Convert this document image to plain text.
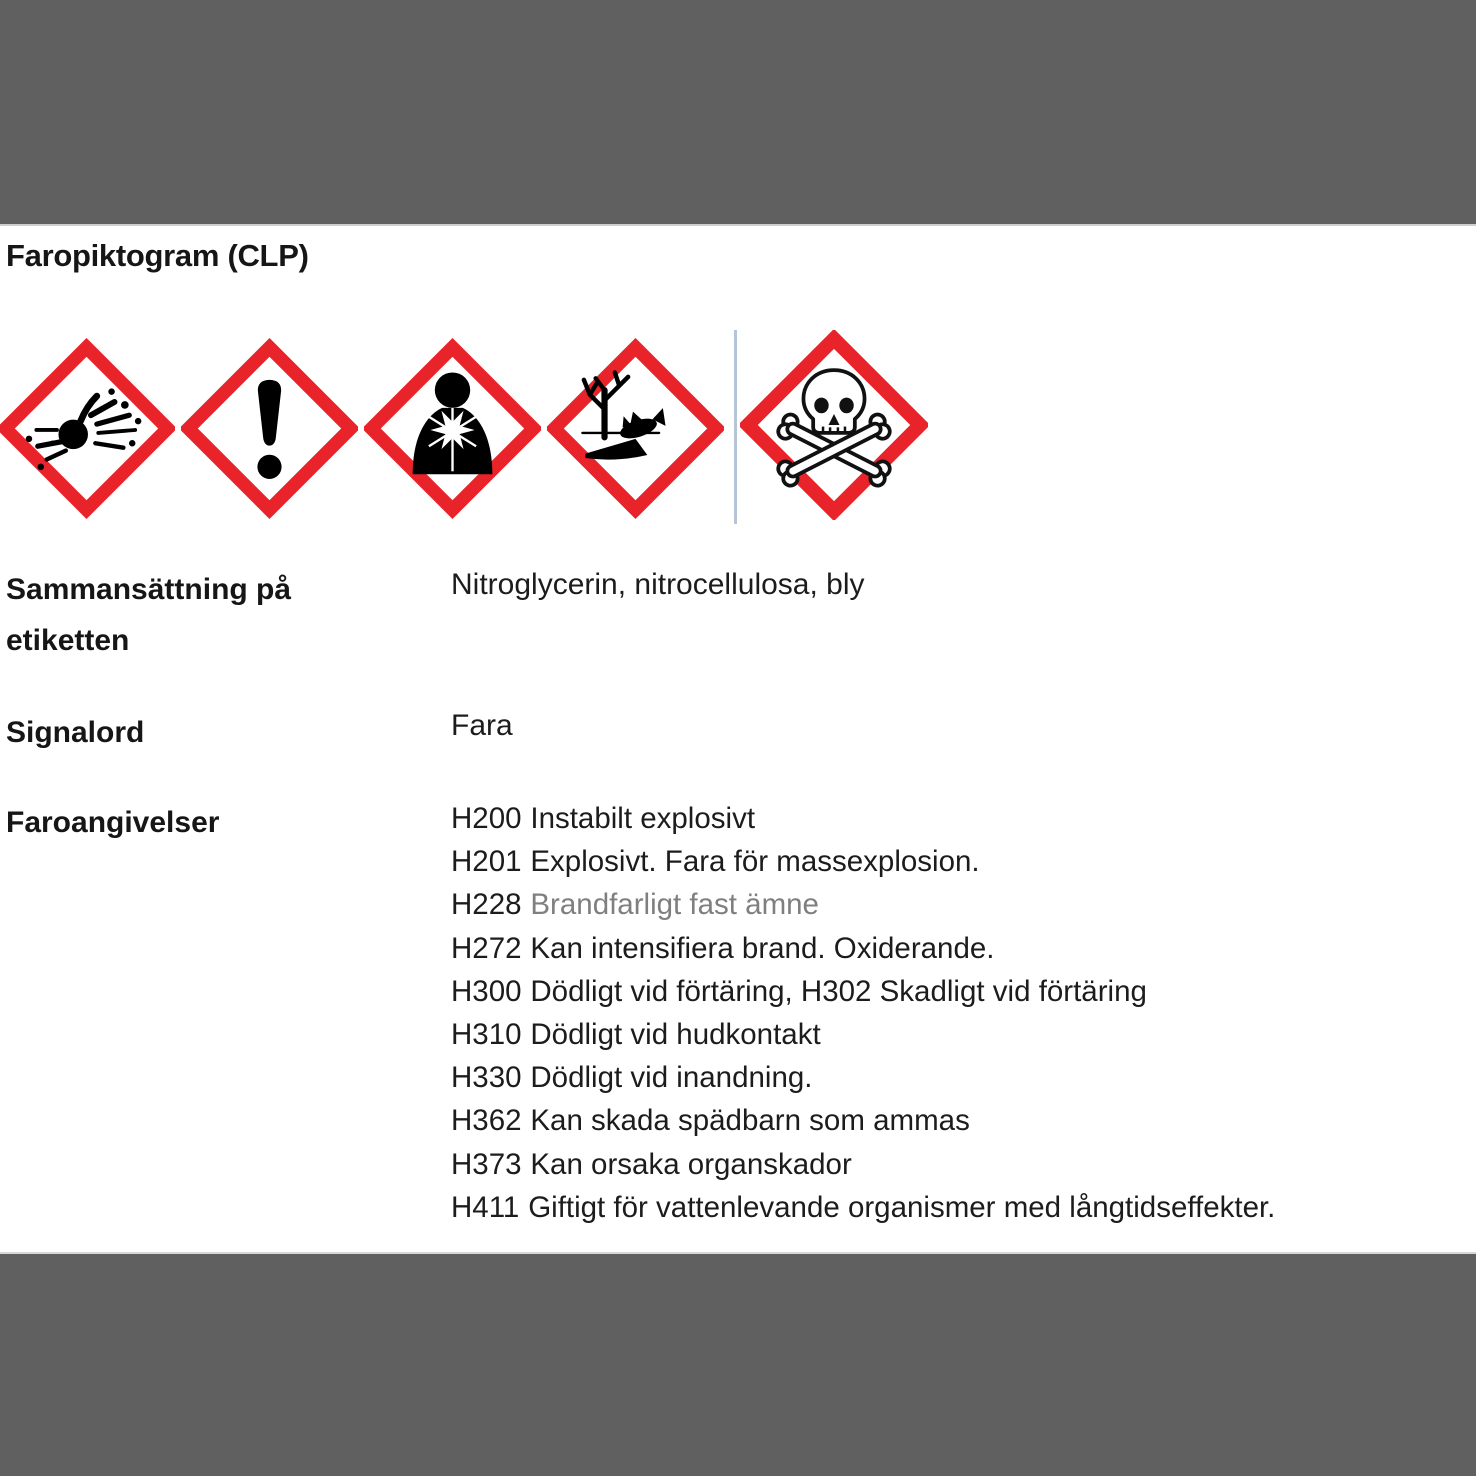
Faropiktogram (CLP)
Sammansättning på etiketten
Nitroglycerin, nitrocellulosa, bly
Signalord	Fara
Faroangivelser	H200 Instabilt explosivt
H201 Explosivt. Fara för massexplosion.
H228 Brandfarligt fast ämne
H272 Kan intensifiera brand. Oxiderande.
H300 Dödligt vid förtäring, H302 Skadligt vid förtäring
H310 Dödligt vid hudkontakt
H330 Dödligt vid inandning.
H362 Kan skada spädbarn som ammas
H373 Kan orsaka organskador
H411 Giftigt för vattenlevande organismer med långtidseffekter.
